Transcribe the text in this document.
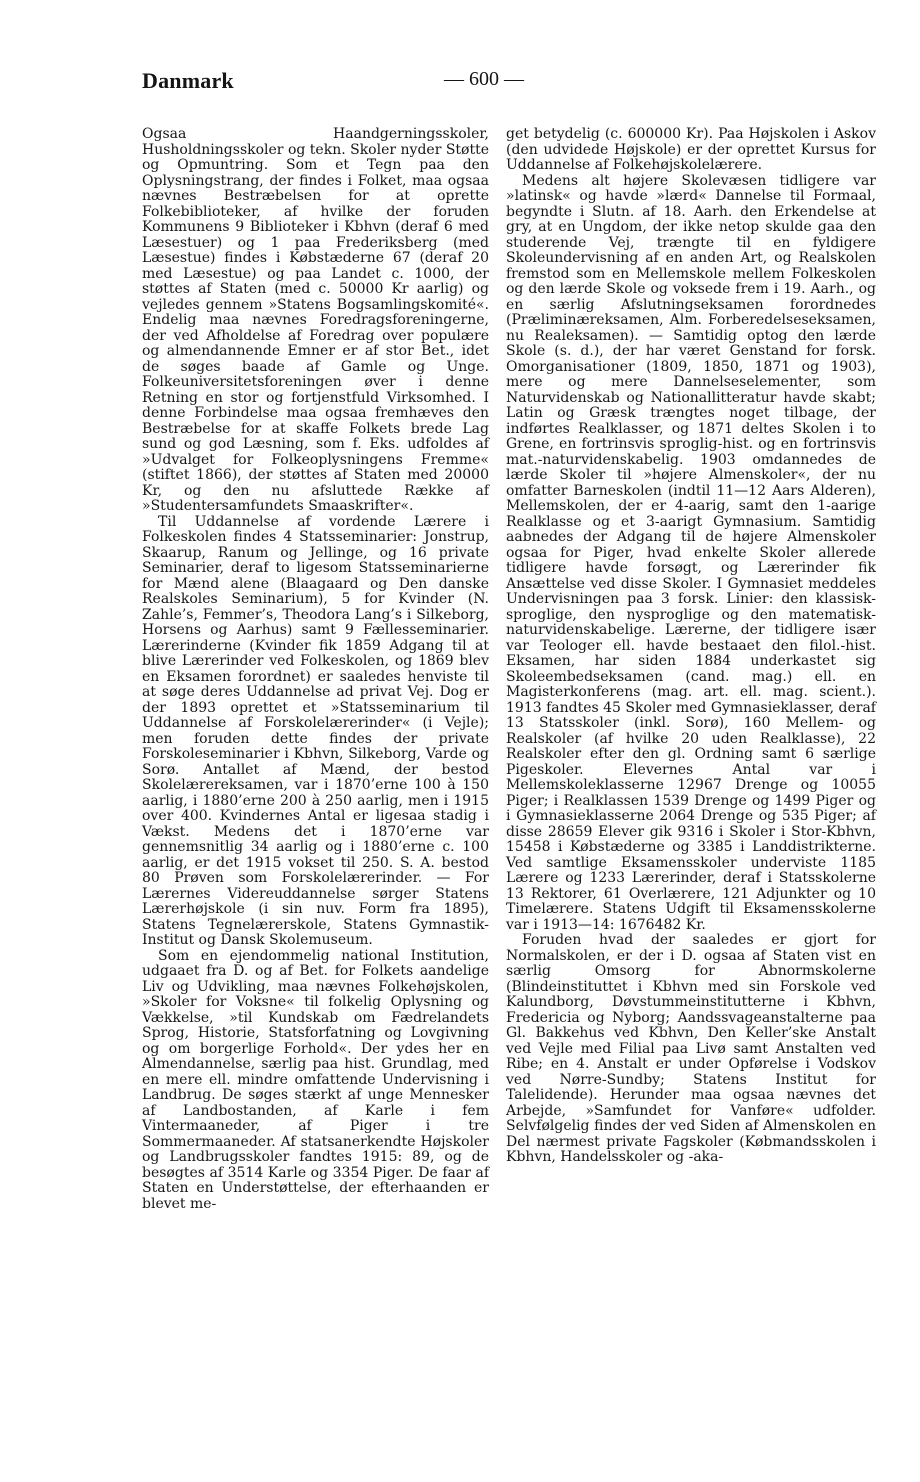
Danmark	— 600 —

Ogsaa Haandgerningsskoler, Husholdningsskoler og tekn. Skoler nyder Støtte og Opmuntring. Som et Tegn paa den Oplysningstrang, der findes i Folket, maa ogsaa nævnes Bestræbelsen for at oprette Folkebiblioteker, af hvilke der foruden Kommunens 9 Biblioteker i Kbhvn (deraf 6 med Læsestuer) og 1 paa Frederiksberg (med Læsestue) findes i Købstæderne 67 (deraf 20 med Læsestue) og paa Landet c. 1000, der støttes af Staten (med c. 50000 Kr aarlig) og vejledes gennem »Statens Bogsamlingskomité«. Endelig maa nævnes Foredragsforeningerne, der ved Afholdelse af Foredrag over populære og almendannende Emner er af stor Bet., idet de søges baade af Gamle og Unge. Folkeuniversitetsforeningen øver i denne Retning en stor og fortjenstfuld Virksomhed. I denne Forbindelse maa ogsaa fremhæves den Bestræbelse for at skaffe Folkets brede Lag sund og god Læsning, som f. Eks. udfoldes af »Udvalget for Folkeoplysningens Fremme« (stiftet 1866), der støttes af Staten med 20000 Kr, og den nu afsluttede Række af »Studentersamfundets Smaaskrifter«.

Til Uddannelse af vordende Lærere i Folkeskolen findes 4 Statsseminarier: Jonstrup, Skaarup, Ranum og Jellinge, og 16 private Seminarier, deraf to ligesom Statsseminarierne for Mænd alene (Blaagaard og Den danske Realskoles Seminarium), 5 for Kvinder (N. Zahle’s, Femmer’s, Theodora Lang’s i Silkeborg, Horsens og Aarhus) samt 9 Fællesseminarier. Lærerinderne (Kvinder fik 1859 Adgang til at blive Lærerinder ved Folkeskolen, og 1869 blev en Eksamen forordnet) er saaledes henviste til at søge deres Uddannelse ad privat Vej. Dog er der 1893 oprettet et »Statsseminarium til Uddannelse af Forskolelærerinder« (i Vejle); men foruden dette findes der private Forskoleseminarier i Kbhvn, Silkeborg, Varde og Sorø. Antallet af Mænd, der bestod Skolelærereksamen, var i 1870’erne 100 à 150 aarlig, i 1880’erne 200 à 250 aarlig, men i 1915 over 400. Kvindernes Antal er ligesaa stadig i Vækst. Medens det i 1870’erne var gennemsnitlig 34 aarlig og i 1880’erne c. 100 aarlig, er det 1915 vokset til 250. S. A. bestod 80 Prøven som Forskolelærerinder. — For Lærernes Videreuddannelse sørger Statens Lærerhøjskole (i sin nuv. Form fra 1895), Statens Tegnelærerskole, Statens Gymnastik-Institut og Dansk Skolemuseum.

Som en ejendommelig national Institution, udgaaet fra D. og af Bet. for Folkets aandelige Liv og Udvikling, maa nævnes Folkehøjskolen, »Skoler for Voksne« til folkelig Oplysning og Vækkelse, »til Kundskab om Fædrelandets Sprog, Historie, Statsforfatning og Lovgivning og om borgerlige Forhold«. Der ydes her en Almendannelse, særlig paa hist. Grundlag, med en mere ell. mindre omfattende Undervisning i Landbrug. De søges stærkt af unge Mennesker af Landbostanden, af Karle i fem Vintermaaneder, af Piger i tre Sommermaaneder. Af statsanerkendte Højskoler og Landbrugsskoler fandtes 1915: 89, og de besøgtes af 3514 Karle og 3354 Piger. De faar af Staten en Understøttelse, der efterhaanden er blevet me-

get betydelig (c. 600000 Kr). Paa Højskolen i Askov (den udvidede Højskole) er der oprettet Kursus for Uddannelse af Folkehøjskolelærere.

Medens alt højere Skolevæsen tidligere var »latinsk« og havde »lærd« Dannelse til Formaal, begyndte i Slutn. af 18. Aarh. den Erkendelse at gry, at en Ungdom, der ikke netop skulde gaa den studerende Vej, trængte til en fyldigere Skoleundervisning af en anden Art, og Realskolen fremstod som en Mellemskole mellem Folkeskolen og den lærde Skole og voksede frem i 19. Aarh., og en særlig Afslutningseksamen forordnedes (Præliminæreksamen, Alm. Forberedelseseksamen, nu Realeksamen). — Samtidig optog den lærde Skole (s. d.), der har været Genstand for forsk. Omorganisationer (1809, 1850, 1871 og 1903), mere og mere Dannelseselementer, som Naturvidenskab og Nationallitteratur havde skabt; Latin og Græsk trængtes noget tilbage, der indførtes Realklasser, og 1871 deltes Skolen i to Grene, en fortrinsvis sproglig-hist. og en fortrinsvis mat.-naturvidenskabelig. 1903 omdannedes de lærde Skoler til »højere Almenskoler«, der nu omfatter Barneskolen (indtil 11—12 Aars Alderen), Mellemskolen, der er 4-aarig, samt den 1-aarige Realklasse og et 3-aarigt Gymnasium. Samtidig aabnedes der Adgang til de højere Almenskoler ogsaa for Piger, hvad enkelte Skoler allerede tidligere havde forsøgt, og Lærerinder fik Ansættelse ved disse Skoler. I Gymnasiet meddeles Undervisningen paa 3 forsk. Linier: den klassisk-sproglige, den nysproglige og den matematisk-naturvidenskabelige. Lærerne, der tidligere især var Teologer ell. havde bestaaet den filol.-hist. Eksamen, har siden 1884 underkastet sig Skoleembedseksamen (cand. mag.) ell. en Magisterkonferens (mag. art. ell. mag. scient.). 1913 fandtes 45 Skoler med Gymnasieklasser, deraf 13 Statsskoler (inkl. Sorø), 160 Mellem- og Realskoler (af hvilke 20 uden Realklasse), 22 Realskoler efter den gl. Ordning samt 6 særlige Pigeskoler. Elevernes Antal var i Mellemskoleklasserne 12967 Drenge og 10055 Piger; i Realklassen 1539 Drenge og 1499 Piger og i Gymnasieklasserne 2064 Drenge og 535 Piger; af disse 28659 Elever gik 9316 i Skoler i Stor-Kbhvn, 15458 i Købstæderne og 3385 i Landdistrikterne. Ved samtlige Eksamensskoler underviste 1185 Lærere og 1233 Lærerinder, deraf i Statsskolerne 13 Rektorer, 61 Overlærere, 121 Adjunkter og 10 Timelærere. Statens Udgift til Eksamensskolerne var i 1913—14: 1676482 Kr.

Foruden hvad der saaledes er gjort for Normalskolen, er der i D. ogsaa af Staten vist en særlig Omsorg for Abnormskolerne (Blindeinstituttet i Kbhvn med sin Forskole ved Kalundborg, Døvstummeinstitutterne i Kbhvn, Fredericia og Nyborg; Aandssvageanstalterne paa Gl. Bakkehus ved Kbhvn, Den Keller’ske Anstalt ved Vejle med Filial paa Livø samt Anstalten ved Ribe; en 4. Anstalt er under Opførelse i Vodskov ved Nørre-Sundby; Statens Institut for Talelidende). Herunder maa ogsaa nævnes det Arbejde, »Samfundet for Vanføre« udfolder. Selvfølgelig findes der ved Siden af Almenskolen en Del nærmest private Fagskoler (Købmandsskolen i Kbhvn, Handelsskoler og -aka-
